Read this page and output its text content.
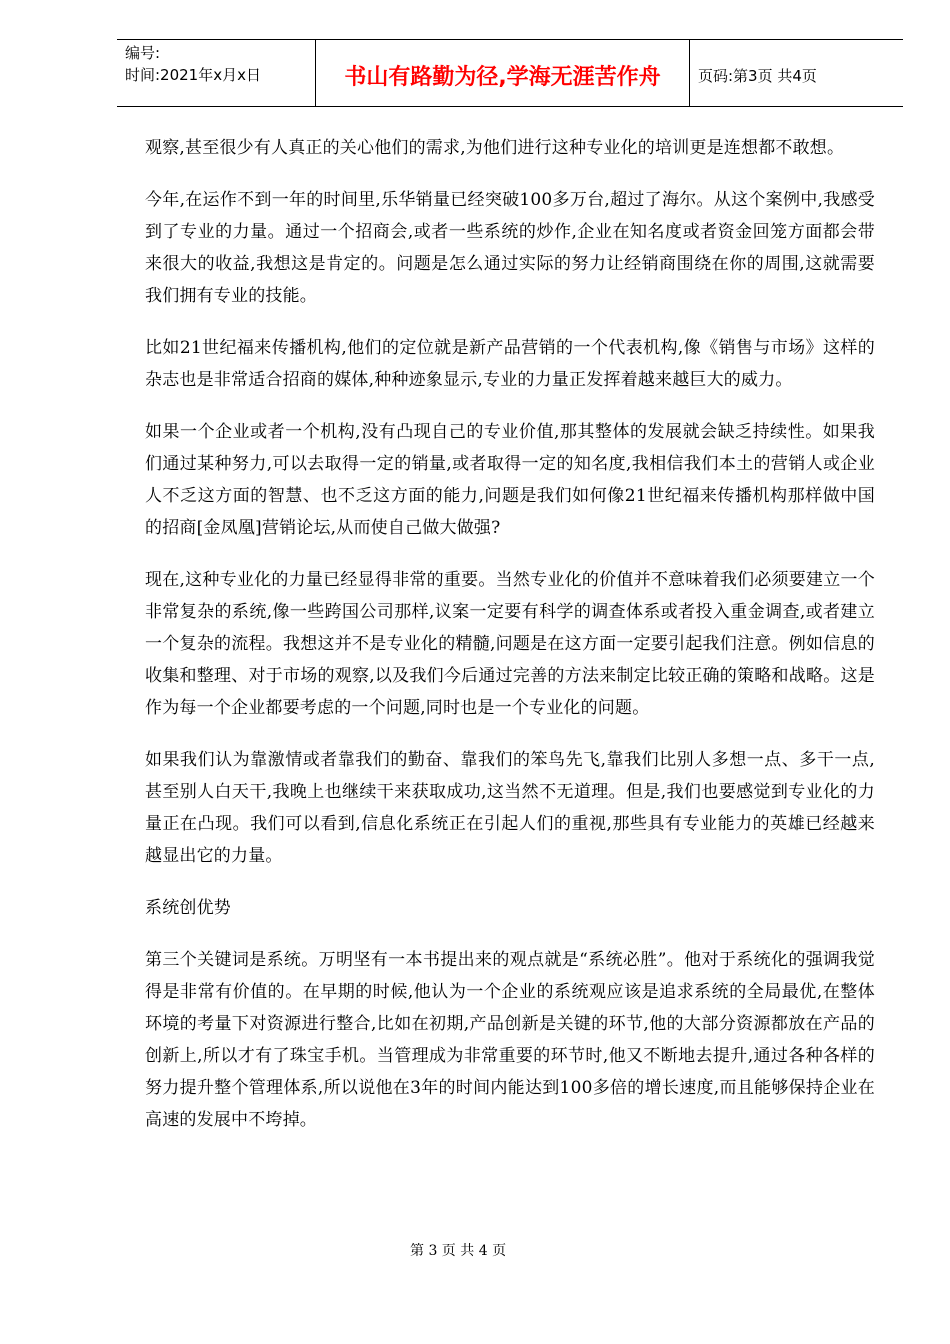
编号:
时间:2021年x月x日	书山有路勤为径,学海无涯苦作舟	页码:第3页 共4页

观察,甚至很少有人真正的关心他们的需求,为他们进行这种专业化的培训更是连想都不敢想。

今年,在运作不到一年的时间里,乐华销量已经突破100多万台,超过了海尔。从这个案例中,我感受到了专业的力量。通过一个招商会,或者一些系统的炒作,企业在知名度或者资金回笼方面都会带来很大的收益,我想这是肯定的。问题是怎么通过实际的努力让经销商围绕在你的周围,这就需要我们拥有专业的技能。

比如21世纪福来传播机构,他们的定位就是新产品营销的一个代表机构,像《销售与市场》这样的杂志也是非常适合招商的媒体,种种迹象显示,专业的力量正发挥着越来越巨大的威力。

如果一个企业或者一个机构,没有凸现自己的专业价值,那其整体的发展就会缺乏持续性。如果我们通过某种努力,可以去取得一定的销量,或者取得一定的知名度,我相信我们本土的营销人或企业人不乏这方面的智慧、也不乏这方面的能力,问题是我们如何像21世纪福来传播机构那样做中国的招商[金凤凰]营销论坛,从而使自己做大做强?

现在,这种专业化的力量已经显得非常的重要。当然专业化的价值并不意味着我们必须要建立一个非常复杂的系统,像一些跨国公司那样,议案一定要有科学的调查体系或者投入重金调查,或者建立一个复杂的流程。我想这并不是专业化的精髓,问题是在这方面一定要引起我们注意。例如信息的收集和整理、对于市场的观察,以及我们今后通过完善的方法来制定比较正确的策略和战略。这是作为每一个企业都要考虑的一个问题,同时也是一个专业化的问题。

如果我们认为靠激情或者靠我们的勤奋、靠我们的笨鸟先飞,靠我们比别人多想一点、多干一点,甚至别人白天干,我晚上也继续干来获取成功,这当然不无道理。但是,我们也要感觉到专业化的力量正在凸现。我们可以看到,信息化系统正在引起人们的重视,那些具有专业能力的英雄已经越来越显出它的力量。

系统创优势

第三个关键词是系统。万明坚有一本书提出来的观点就是“系统必胜”。他对于系统化的强调我觉得是非常有价值的。在早期的时候,他认为一个企业的系统观应该是追求系统的全局最优,在整体环境的考量下对资源进行整合,比如在初期,产品创新是关键的环节,他的大部分资源都放在产品的创新上,所以才有了珠宝手机。当管理成为非常重要的环节时,他又不断地去提升,通过各种各样的努力提升整个管理体系,所以说他在3年的时间内能达到100多倍的增长速度,而且能够保持企业在高速的发展中不垮掉。

第 3 页 共 4 页
